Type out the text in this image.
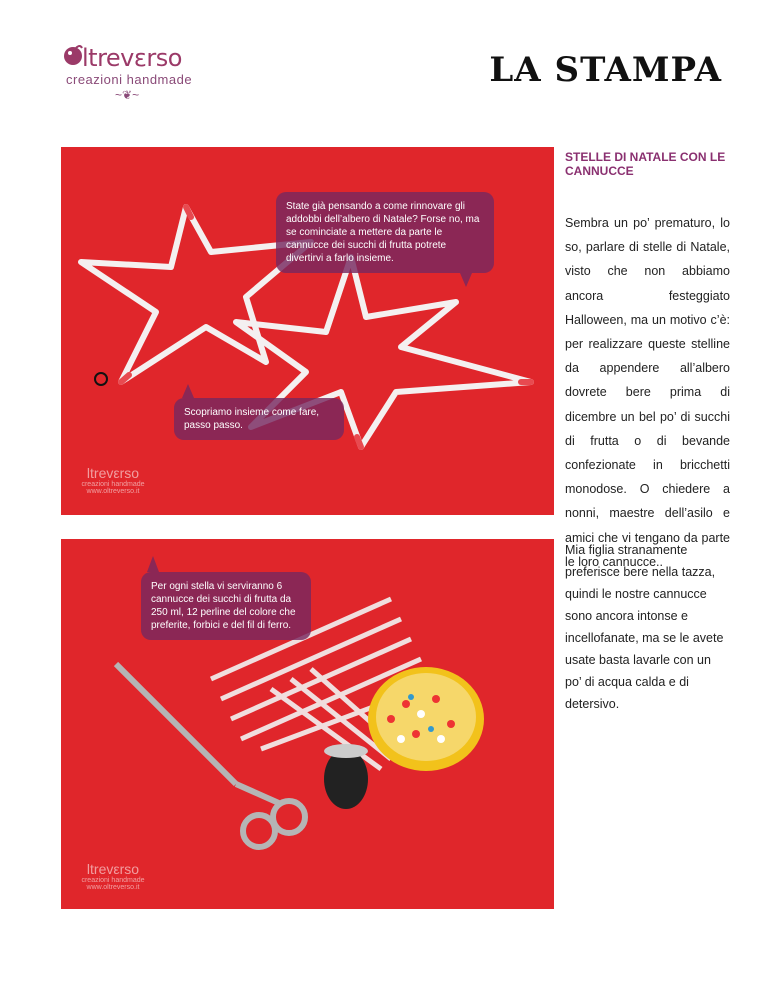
ltrevεrso
creazioni handmade
~❦~
LA STAMPA
State già pensando a come rinnovare gli addobbi dell’albero di Natale? Forse no, ma se cominciate a mettere da parte le cannucce dei succhi di frutta potrete divertirvi a farlo insieme.
Scopriamo insieme come fare, passo passo.
ltrevεrso
creazioni handmade
www.oltreverso.it
Per ogni stella vi serviranno 6 cannucce dei succhi di frutta da 250 ml, 12 perline del colore che preferite, forbici e del fil di ferro.
ltrevεrso
creazioni handmade
www.oltreverso.it
STELLE DI NATALE CON LE CANNUCCE
Sembra un po’ prematuro, lo so, parlare di stelle di Natale, visto che non abbiamo ancora festeggiato Halloween, ma un motivo c’è: per realizzare queste stelline da appendere all’albero dovrete bere prima di dicembre un bel po’ di succhi di frutta o di bevande confezionate in bricchetti monodose. O chiedere a nonni, maestre dell’asilo e amici che vi tengano da parte le loro cannucce..
Mia figlia stranamente preferisce bere nella tazza, quindi le nostre cannucce sono ancora intonse e incellofanate, ma se le avete usate basta lavarle con un po’ di acqua calda e di detersivo.
